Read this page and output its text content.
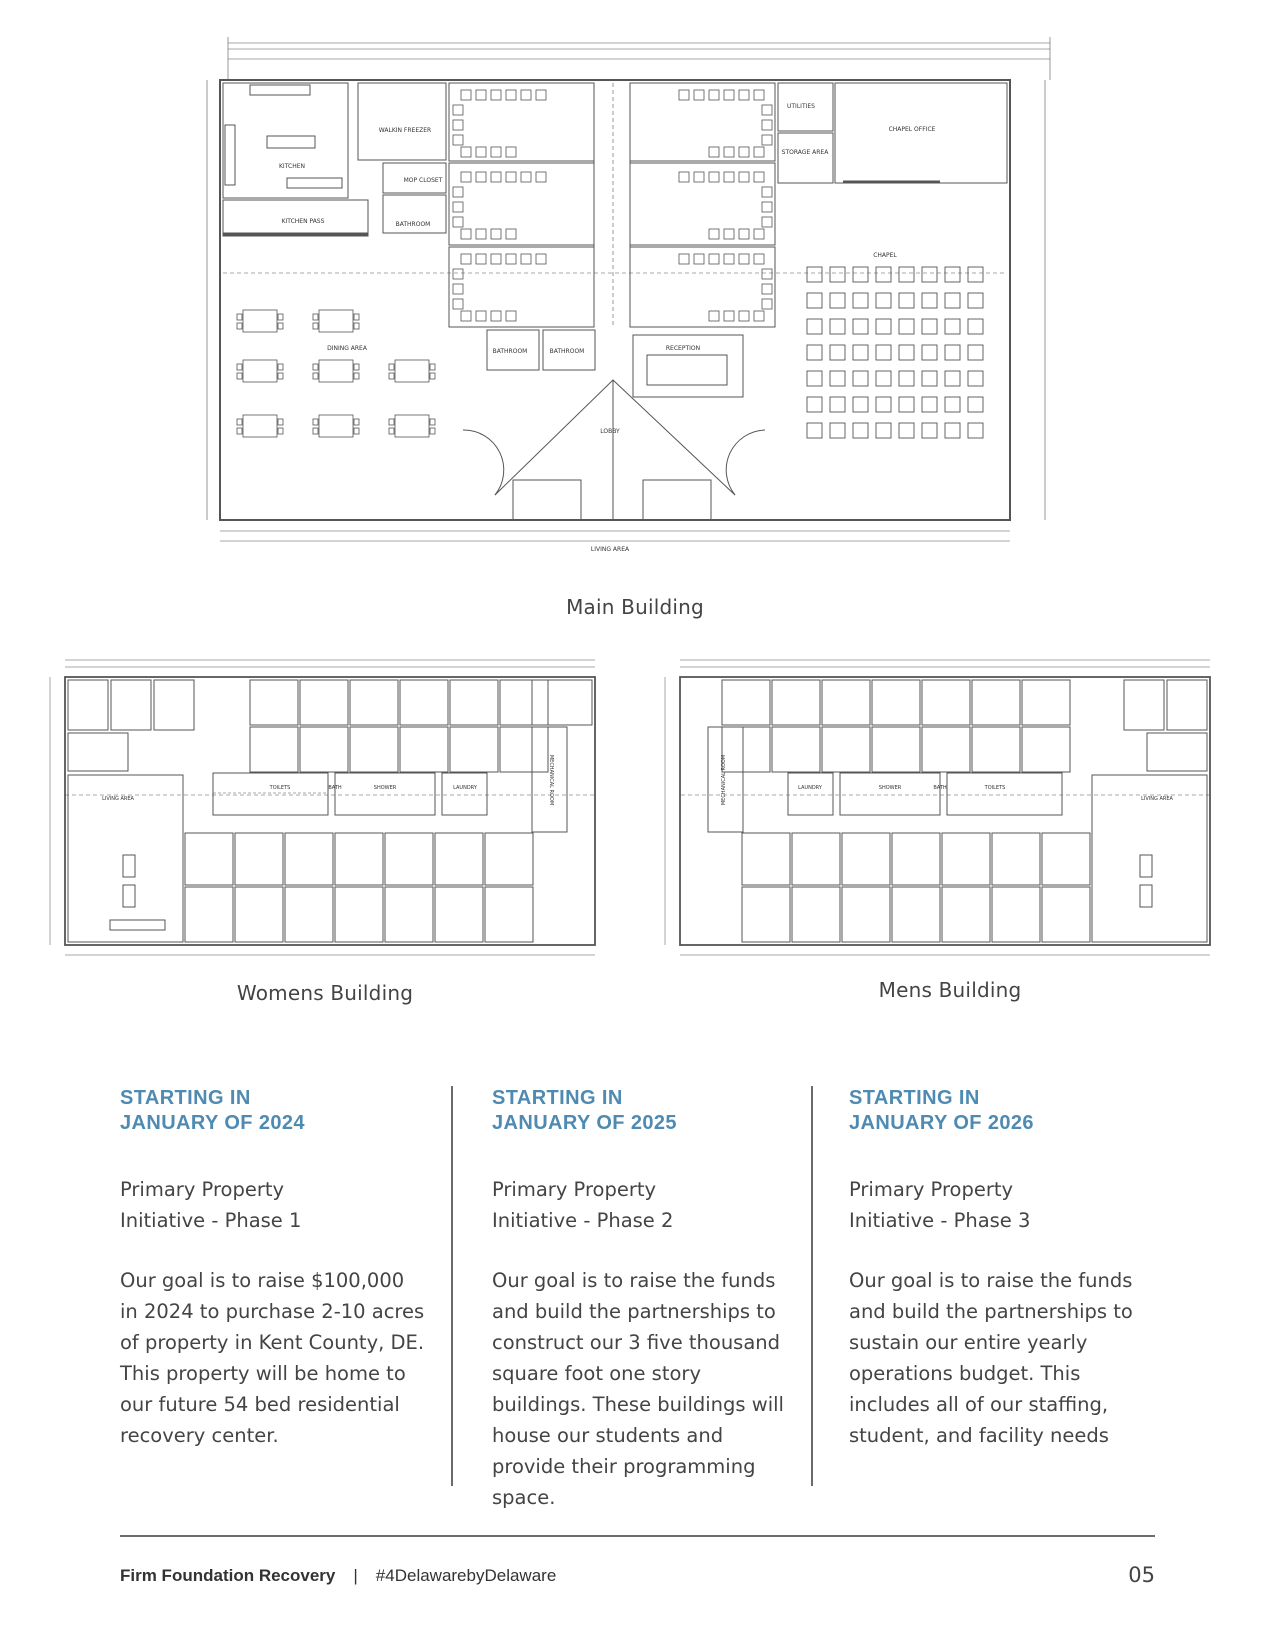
KITCHEN
WALKIN FREEZER
MOP CLOSET
BATHROOM
KITCHEN PASS
DINING AREA
UTILITIES
STORAGE AREA
CHAPEL OFFICE
CHAPEL
BATHROOM	BATHROOM	RECEPTION
LOBBY
LIVING AREA
Main Building
TOILETS	BATH	SHOWER	LAUNDRY
LIVING AREA	MECHANICAL ROOM
Womens Building
TOILETS
BATH
SHOWER
LAUNDRY
LIVING AREA
MECHANICAL ROOM
Mens Building
STARTING IN
JANUARY OF 2024
Primary Property
Initiative - Phase 1
Our goal is to raise $100,000 in 2024 to purchase 2-10 acres of property in Kent County, DE. This property will be home to our future 54 bed residential recovery center.
STARTING IN
JANUARY OF 2025
Primary Property
Initiative - Phase 2
Our goal is to raise the funds and build the partnerships to construct our 3 five thousand square foot one story buildings. These buildings will house our students and provide their programming space.
STARTING IN
JANUARY OF 2026
Primary Property
Initiative - Phase 3
Our goal is to raise the funds and build the partnerships to sustain our entire yearly operations budget. This includes all of our staffing, student, and facility needs
Firm Foundation Recovery | #4DelawarebyDelaware	05
